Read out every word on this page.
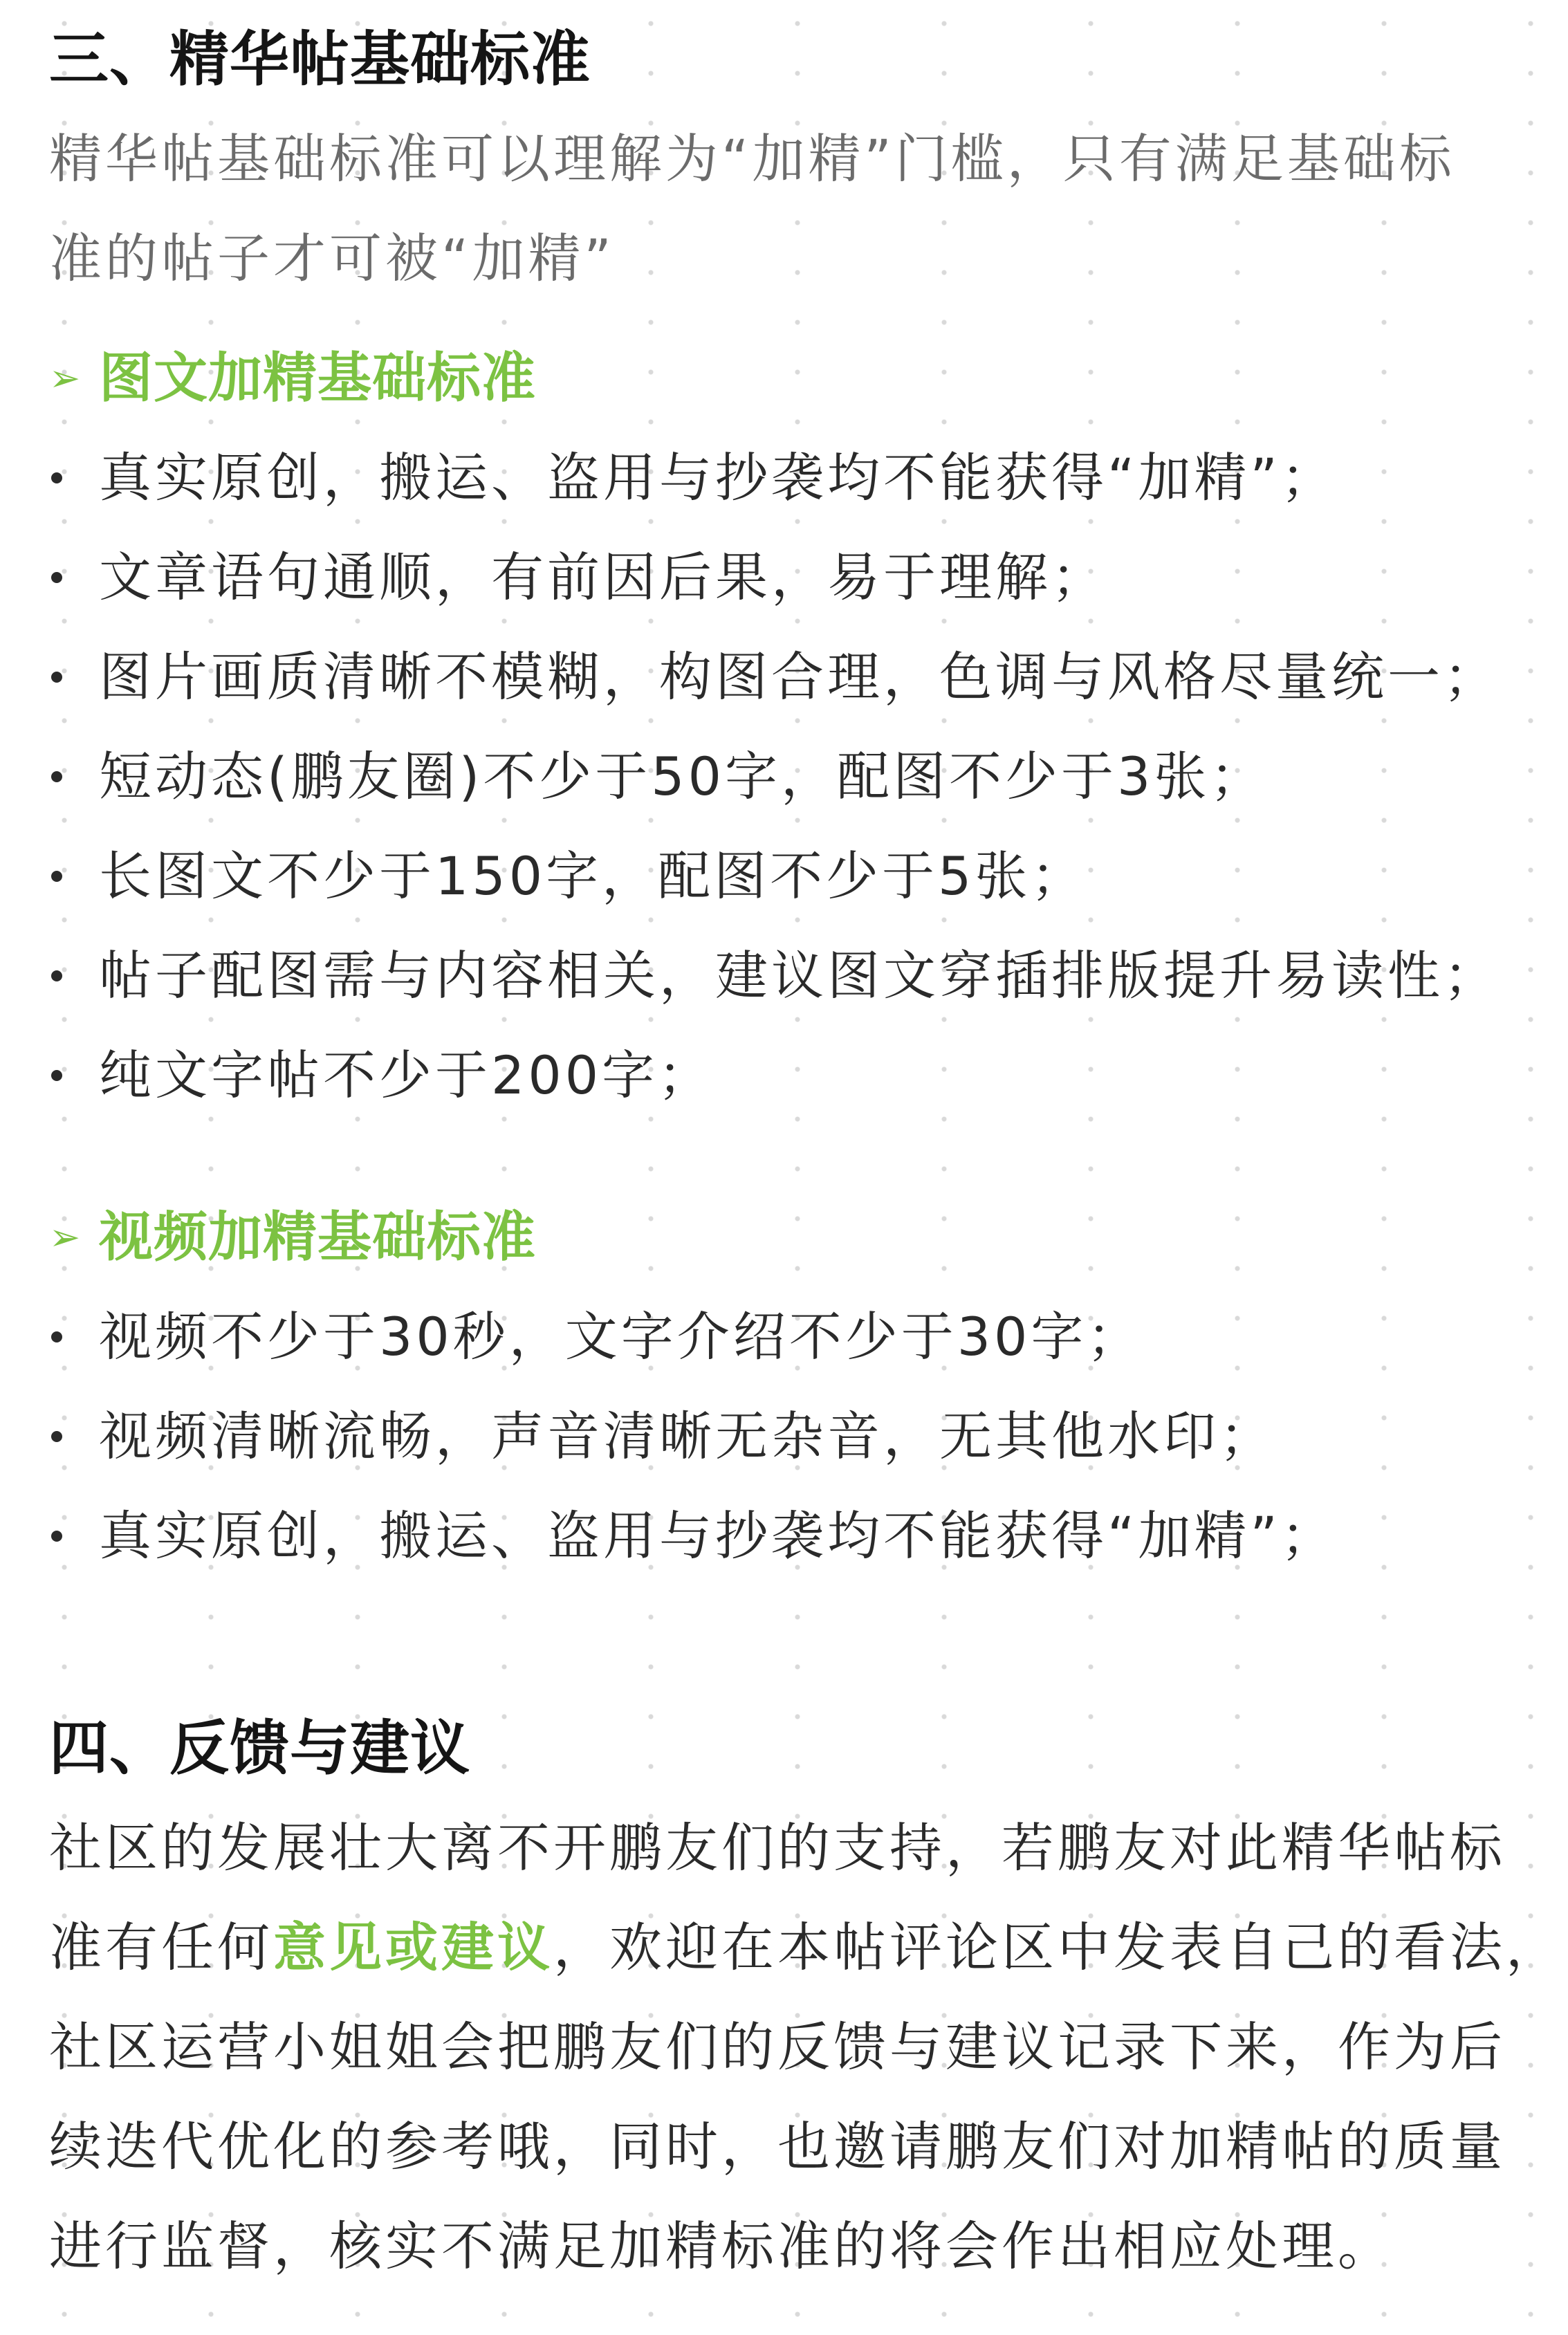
三、精华帖基础标准
精华帖基础标准可以理解为“加精”门槛，只有满足基础标
准的帖子才可被“加精”
➢ 图文加精基础标准
真实原创，搬运、盗用与抄袭均不能获得“加精”；
文章语句通顺，有前因后果，易于理解；
图片画质清晰不模糊，构图合理，色调与风格尽量统一；
短动态(鹏友圈)不少于50字，配图不少于3张；
长图文不少于150字，配图不少于5张；
帖子配图需与内容相关，建议图文穿插排版提升易读性；
纯文字帖不少于200字；
➢ 视频加精基础标准
视频不少于30秒，文字介绍不少于30字；
视频清晰流畅，声音清晰无杂音，无其他水印；
真实原创，搬运、盗用与抄袭均不能获得“加精”；
四、反馈与建议
社区的发展壮大离不开鹏友们的支持，若鹏友对此精华帖标
准有任何意见或建议，欢迎在本帖评论区中发表自己的看法，
社区运营小姐姐会把鹏友们的反馈与建议记录下来，作为后
续迭代优化的参考哦，同时，也邀请鹏友们对加精帖的质量
进行监督，核实不满足加精标准的将会作出相应处理。
